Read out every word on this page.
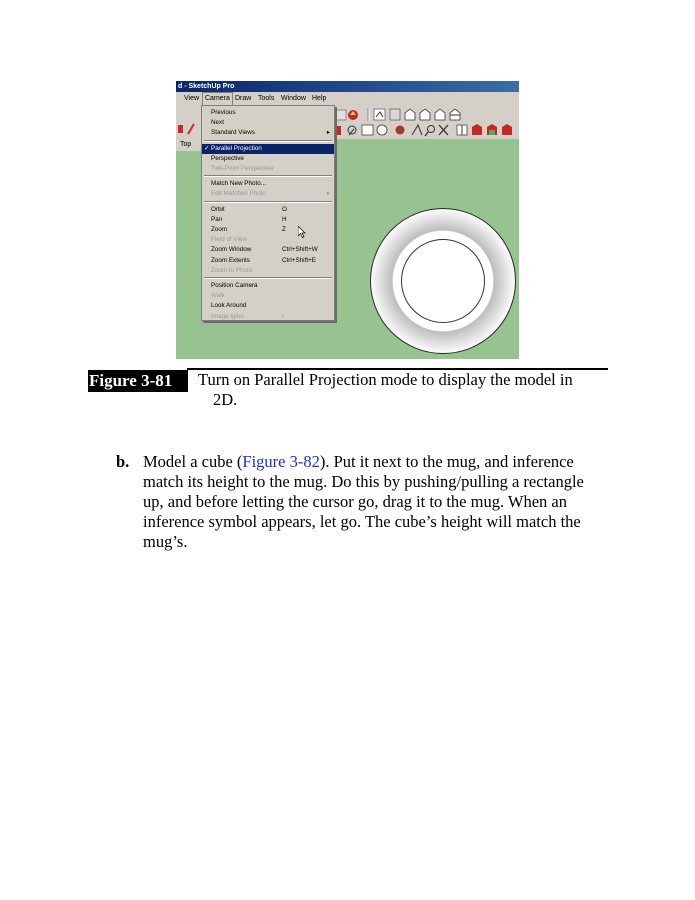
d - SketchUp Pro
View Camera Draw Tools Window Help
Top
Image Igloo	I
Look Around
Walk
Position Camera
Zoom to Photo
Zoom Extents	Ctrl+Shift+E
Zoom Window	Ctrl+Shift+W
Field of View
Zoom	Z
Pan	H
Orbit	O
Edit Matched Photo	▸
Match New Photo...
Two-Point Perspective
Perspective
✓ Parallel Projection
Standard Views	▸
Next
Previous
Figure 3-81	Turn on Parallel Projection mode to display the model in
2D.
b. Model a cube (Figure 3-82). Put it next to the mug, and inference
match its height to the mug. Do this by pushing/pulling a rectangle
up, and before letting the cursor go, drag it to the mug. When an
inference symbol appears, let go. The cube’s height will match the
mug’s.
